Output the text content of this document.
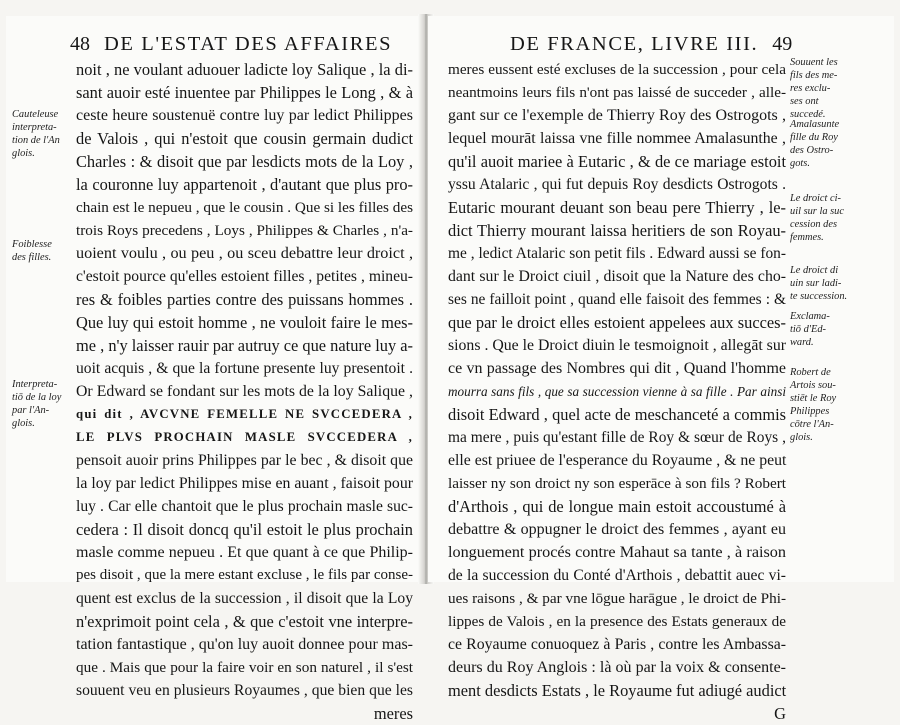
48 DE L'ESTAT DES AFFAIRES
noit , ne voulant aduouer ladicte loy Salique , la di-
sant auoir esté inuentee par Philippes le Long , & à
ceste heure soustenuë contre luy par ledict Philippes
de Valois , qui n'estoit que cousin germain dudict
Charles : & disoit que par lesdicts mots de la Loy ,
la couronne luy appartenoit , d'autant que plus pro-
chain est le nepueu , que le cousin . Que si les filles des
trois Roys precedens , Loys , Philippes & Charles , n'a-
uoient voulu , ou peu , ou sceu debattre leur droict ,
c'estoit pource qu'elles estoient filles , petites , mineu-
res & foibles parties contre des puissans hommes .
Que luy qui estoit homme , ne vouloit faire le mes-
me , n'y laisser rauir par autruy ce que nature luy a-
uoit acquis , & que la fortune presente luy presentoit .
Or Edward se fondant sur les mots de la loy Salique ,
qui dit , AVCVNE FEMELLE NE SVCCEDERA ,
LE PLVS PROCHAIN MASLE SVCCEDERA ,
pensoit auoir prins Philippes par le bec , & disoit que
la loy par ledict Philippes mise en auant , faisoit pour
luy . Car elle chantoit que le plus prochain masle suc-
cedera : Il disoit doncq qu'il estoit le plus prochain
masle comme nepueu . Et que quant à ce que Philip-
pes disoit , que la mere estant excluse , le fils par conse-
quent est exclus de la succession , il disoit que la Loy
n'exprimoit point cela , & que c'estoit vne interpre-
tation fantastique , qu'on luy auoit donnee pour mas-
que . Mais que pour la faire voir en son naturel , il s'est
souuent veu en plusieurs Royaumes , que bien que les
meres
Cauteleuse
interpreta-
tion de l'An
glois.
Foiblesse
des filles.
Interpreta-
tiō de la loy
par l'An-
glois.
DE FRANCE, LIVRE III. 49
meres eussent esté excluses de la succession , pour cela
neantmoins leurs fils n'ont pas laissé de succeder , alle-
gant sur ce l'exemple de Thierry Roy des Ostrogots ,
lequel mourāt laissa vne fille nommee Amalasunthe ,
qu'il auoit mariee à Eutaric , & de ce mariage estoit
yssu Atalaric , qui fut depuis Roy desdicts Ostrogots .
Eutaric mourant deuant son beau pere Thierry , le-
dict Thierry mourant laissa heritiers de son Royau-
me , ledict Atalaric son petit fils . Edward aussi se fon-
dant sur le Droict ciuil , disoit que la Nature des cho-
ses ne failloit point , quand elle faisoit des femmes : &
que par le droict elles estoient appelees aux succes-
sions . Que le Droict diuin le tesmoignoit , allegāt sur
ce vn passage des Nombres qui dit , Quand l'homme
mourra sans fils , que sa succession vienne à sa fille . Par ainsi
disoit Edward , quel acte de meschanceté a commis
ma mere , puis qu'estant fille de Roy & sœur de Roys ,
elle est priuee de l'esperance du Royaume , & ne peut
laisser ny son droict ny son esperāce à son fils ? Robert
d'Arthois , qui de longue main estoit accoustumé à
debattre & oppugner le droict des femmes , ayant eu
longuement procés contre Mahaut sa tante , à raison
de la succession du Conté d'Arthois , debattit auec vi-
ues raisons , & par vne lōgue harāgue , le droict de Phi-
lippes de Valois , en la presence des Estats generaux de
ce Royaume conuoquez à Paris , contre les Ambassa-
deurs du Roy Anglois : là où par la voix & consente-
ment desdicts Estats , le Royaume fut adiugé audict
G
Souuent les
fils des me-
res exclu-
ses ont succedé.
Amalasunte
fille du Roy
des Ostro-
gots.
Le droict ci-
uil sur la suc
cession des
femmes.
Le droict di
uin sur ladi-
te succession.
Exclama-
tiō d'Ed-
ward.
Robert de
Artois sou-
stiēt le Roy
Philippes
cōtre l'An-
glois.
